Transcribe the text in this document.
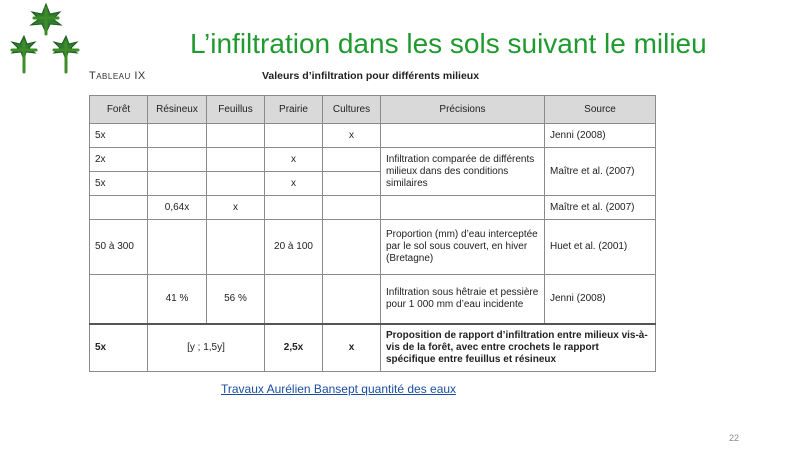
L’infiltration dans les sols suivant le milieu
Tableau IX	Valeurs d’infiltration pour différents milieux
Forêt	Résineux	Feuillus	Prairie	Cultures	Précisions	Source
5x				x		Jenni (2008)
2x			x		Infiltration comparée de différents milieux dans des conditions similaires	Maître et al. (2007)
5x			x			
	0,64x	x				Maître et al. (2007)
50 à 300			20 à 100		Proportion (mm) d’eau interceptée par le sol sous couvert, en hiver (Bretagne)	Huet et al. (2001)
	41 %	56 %			Infiltration sous hêtraie et pessière pour 1 000 mm d’eau incidente	Jenni (2008)
5x	[y ; 1,5y]		2,5x	x	Proposition de rapport d’infiltration entre milieux vis-à-vis de la forêt, avec entre crochets le rapport spécifique entre feuillus et résineux	
Travaux Aurélien Bansept quantité des eaux
22
